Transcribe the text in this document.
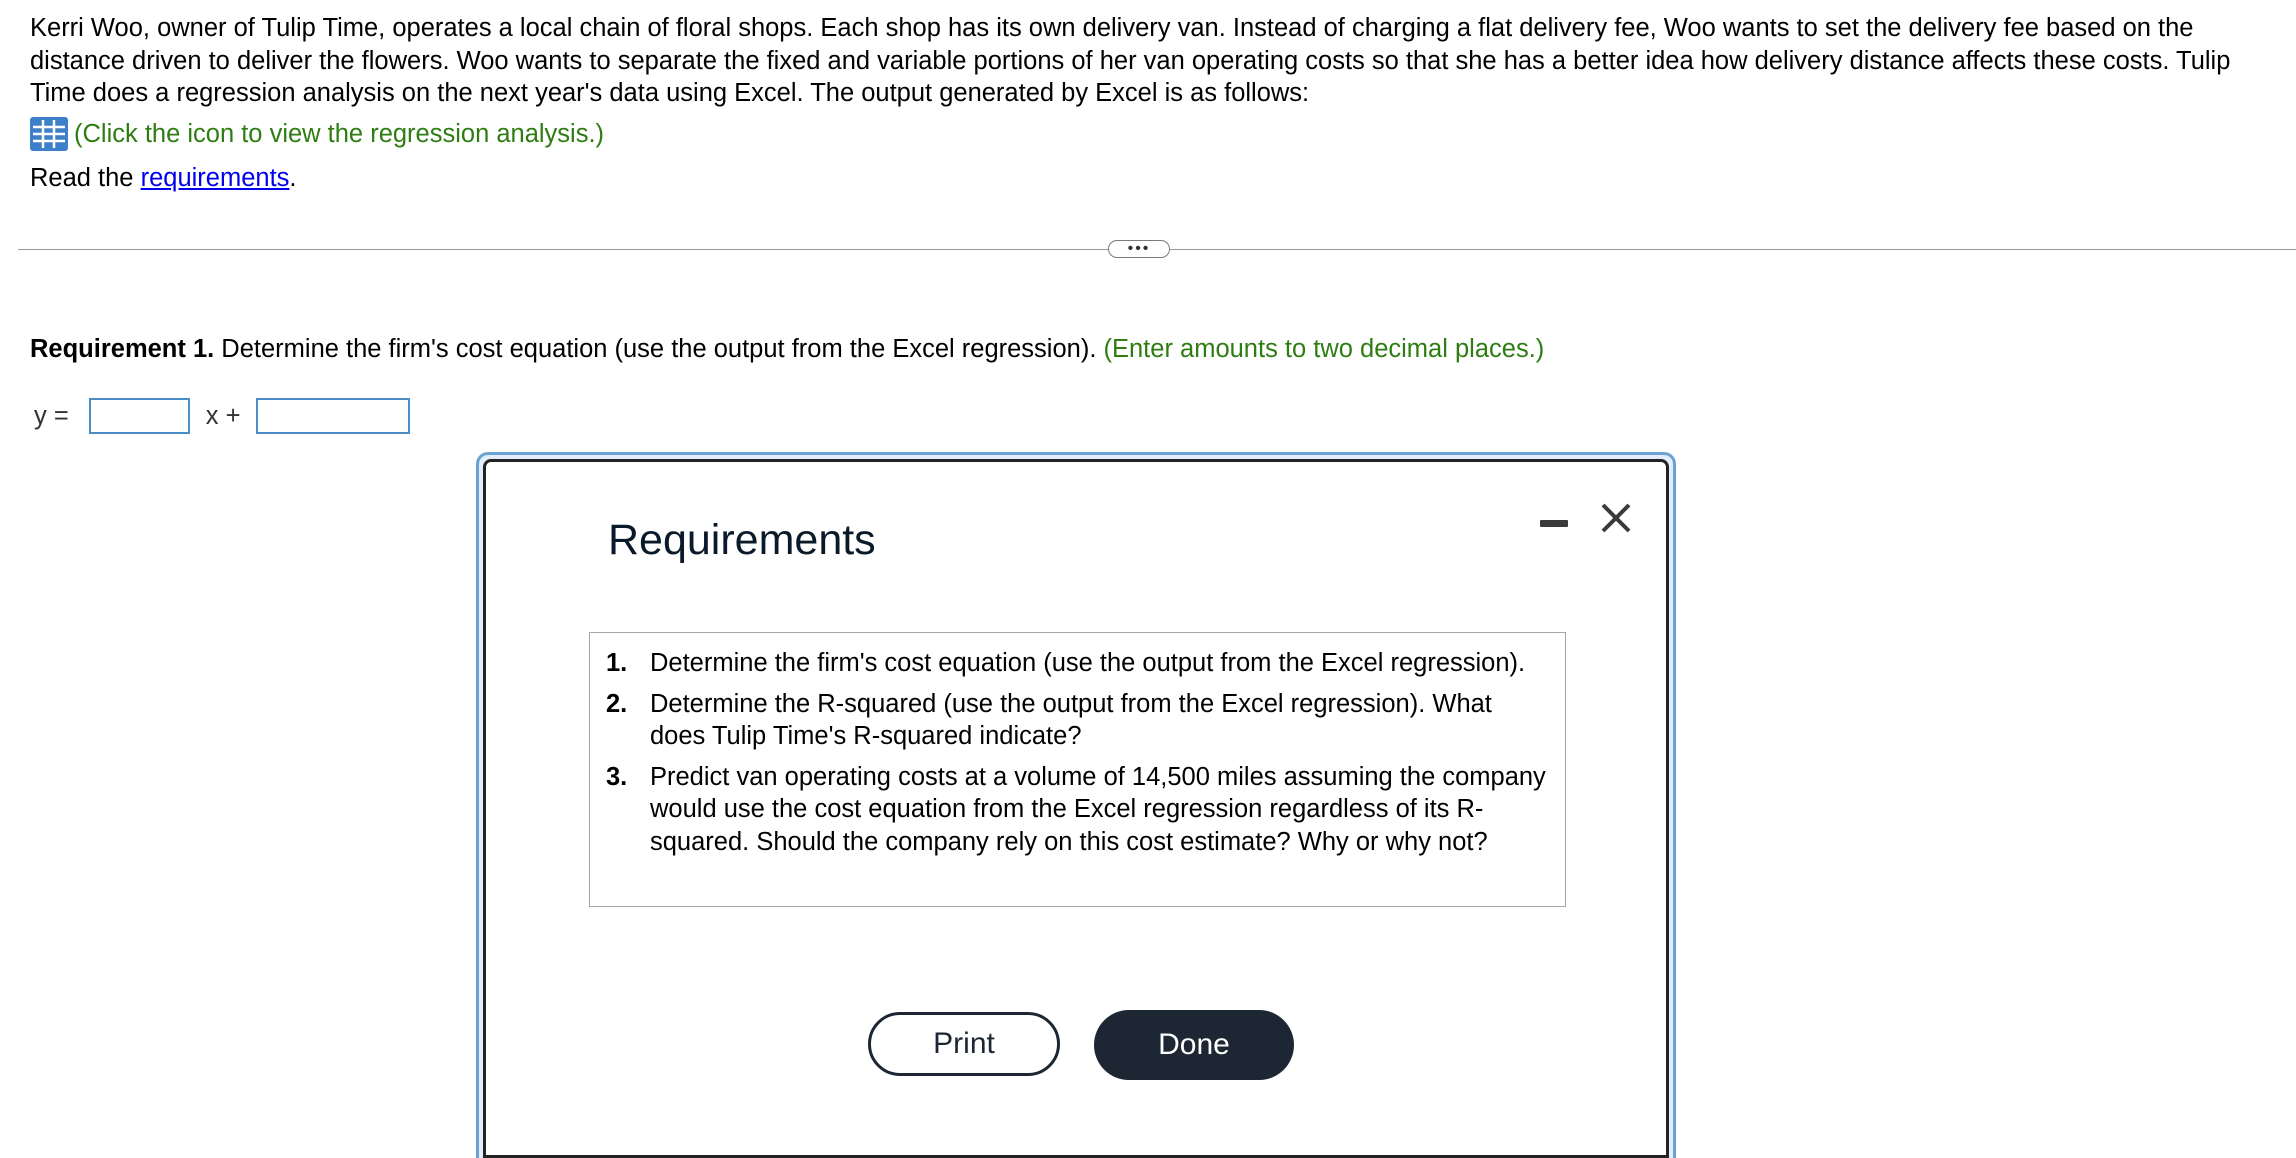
Kerri Woo, owner of Tulip Time, operates a local chain of floral shops. Each shop has its own delivery van. Instead of charging a flat delivery fee, Woo wants to set the delivery fee based on the distance driven to deliver the flowers. Woo wants to separate the fixed and variable portions of her van operating costs so that she has a better idea how delivery distance affects these costs. Tulip Time does a regression analysis on the next year's data using Excel. The output generated by Excel is as follows:

(Click the icon to view the regression analysis.)
Read the requirements.
•••
Requirement 1. Determine the firm's cost equation (use the output from the Excel regression). (Enter amounts to two decimal places.)
y =	x +
Requirements
1. Determine the firm's cost equation (use the output from the Excel regression).
2. Determine the R-squared (use the output from the Excel regression). What does Tulip Time's R-squared indicate?
3. Predict van operating costs at a volume of 14,500 miles assuming the company would use the cost equation from the Excel regression regardless of its R-squared. Should the company rely on this cost estimate? Why or why not?
Print	Done
